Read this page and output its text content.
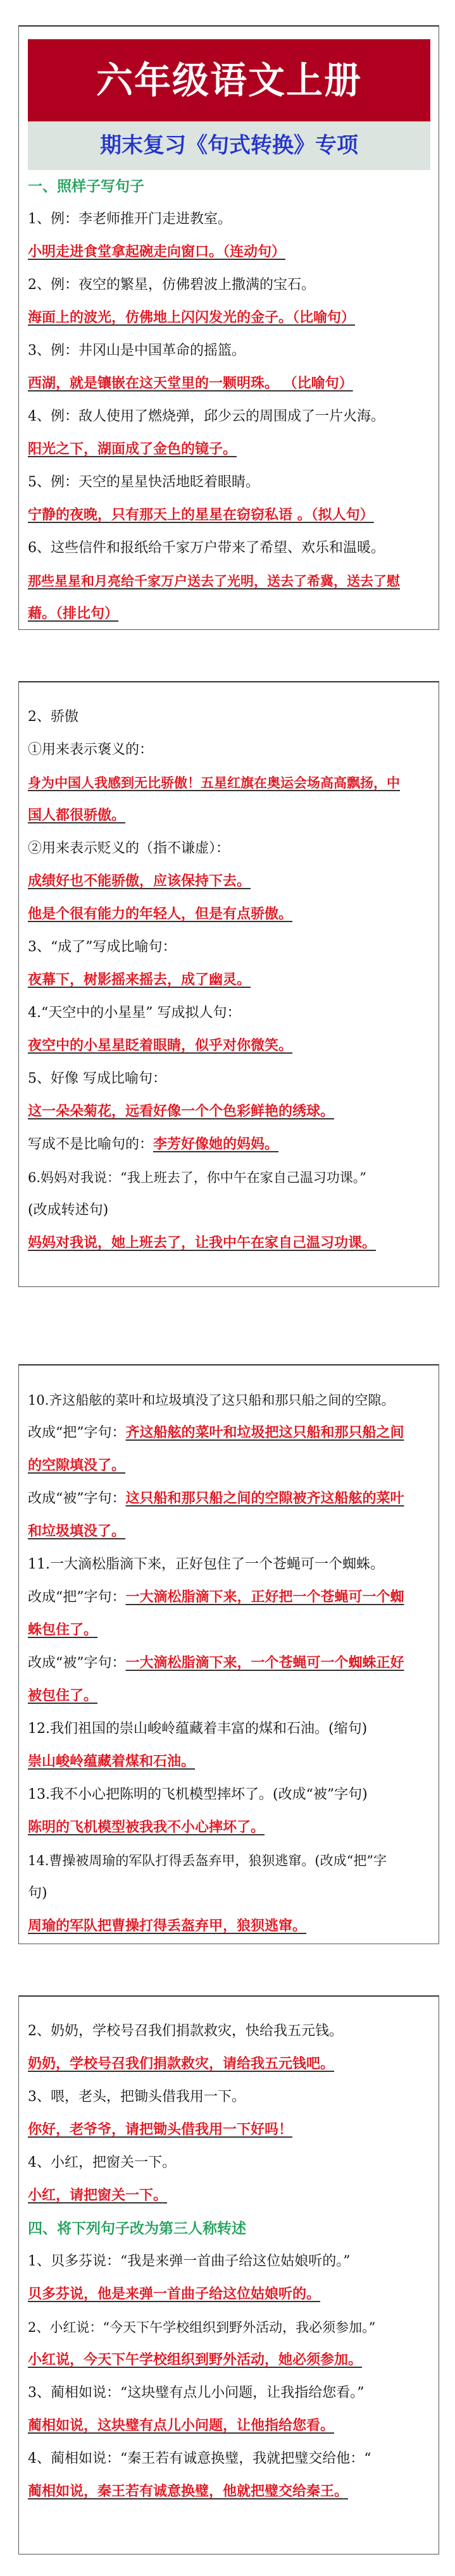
六年级语文上册
期末复习《句式转换》专项
一、照样子写句子
1、例：李老师推开门走进教室。
小明走进食堂拿起碗走向窗口。（连动句）
2、例：夜空的繁星，仿佛碧波上撒满的宝石。
海面上的波光，仿佛地上闪闪发光的金子。（比喻句）
3、例：井冈山是中国革命的摇篮。
西湖，就是镶嵌在这天堂里的一颗明珠。 （比喻句）
4、例：敌人使用了燃烧弹，邱少云的周围成了一片火海。
阳光之下，湖面成了金色的镜子。
5、例：天空的星星快活地眨着眼睛。
宁静的夜晚，只有那天上的星星在窃窃私语 。（拟人句）
6、这些信件和报纸给千家万户带来了希望、欢乐和温暖。
那些星星和月亮给千家万户送去了光明，送去了希冀，送去了慰
藉。（排比句）
2、骄傲
①用来表示褒义的：
身为中国人我感到无比骄傲！五星红旗在奥运会场高高飘扬，中
国人都很骄傲。
②用来表示贬义的（指不谦虚）：
成绩好也不能骄傲，应该保持下去。
他是个很有能力的年轻人，但是有点骄傲。
3、“成了”写成比喻句：
夜幕下，树影摇来摇去，成了幽灵。
4.“天空中的小星星” 写成拟人句：
夜空中的小星星眨着眼睛，似乎对你微笑。
5、好像 写成比喻句：
这一朵朵菊花，远看好像一个个色彩鲜艳的绣球。
写成不是比喻句的：李芳好像她的妈妈。
6.妈妈对我说：“我上班去了，你中午在家自己温习功课。”
(改成转述句)
妈妈对我说，她上班去了，让我中午在家自己温习功课。
10.齐这船舷的菜叶和垃圾填没了这只船和那只船之间的空隙。
改成“把”字句：齐这船舷的菜叶和垃圾把这只船和那只船之间
的空隙填没了。
改成“被”字句：这只船和那只船之间的空隙被齐这船舷的菜叶
和垃圾填没了。
11.一大滴松脂滴下来，正好包住了一个苍蝇可一个蜘蛛。
改成“把”字句：一大滴松脂滴下来，正好把一个苍蝇可一个蜘
蛛包住了。
改成“被”字句：一大滴松脂滴下来，一个苍蝇可一个蜘蛛正好
被包住了。
12.我们祖国的崇山峻岭蕴藏着丰富的煤和石油。(缩句)
崇山峻岭蕴藏着煤和石油。
13.我不小心把陈明的飞机模型摔坏了。(改成“被”字句)
陈明的飞机模型被我我不小心摔坏了。
14.曹操被周瑜的军队打得丢盔弃甲，狼狈逃窜。(改成“把”字
句)
周瑜的军队把曹操打得丢盔弃甲，狼狈逃窜。
2、奶奶，学校号召我们捐款救灾，快给我五元钱。
奶奶，学校号召我们捐款救灾，请给我五元钱吧。
3、喂，老头，把锄头借我用一下。
你好，老爷爷，请把锄头借我用一下好吗！
4、小红，把窗关一下。
小红，请把窗关一下。
四、将下列句子改为第三人称转述
1、贝多芬说：“我是来弹一首曲子给这位姑娘听的。”
贝多芬说，他是来弹一首曲子给这位姑娘听的。
2、小红说：“今天下午学校组织到野外活动，我必须参加。”
小红说，今天下午学校组织到野外活动，她必须参加。
3、蔺相如说：“这块璧有点儿小问题，让我指给您看。”
蔺相如说，这块璧有点儿小问题，让他指给您看。
4、蔺相如说：“秦王若有诚意换璧，我就把璧交给他：“
蔺相如说，秦王若有诚意换璧，他就把璧交给秦王。
